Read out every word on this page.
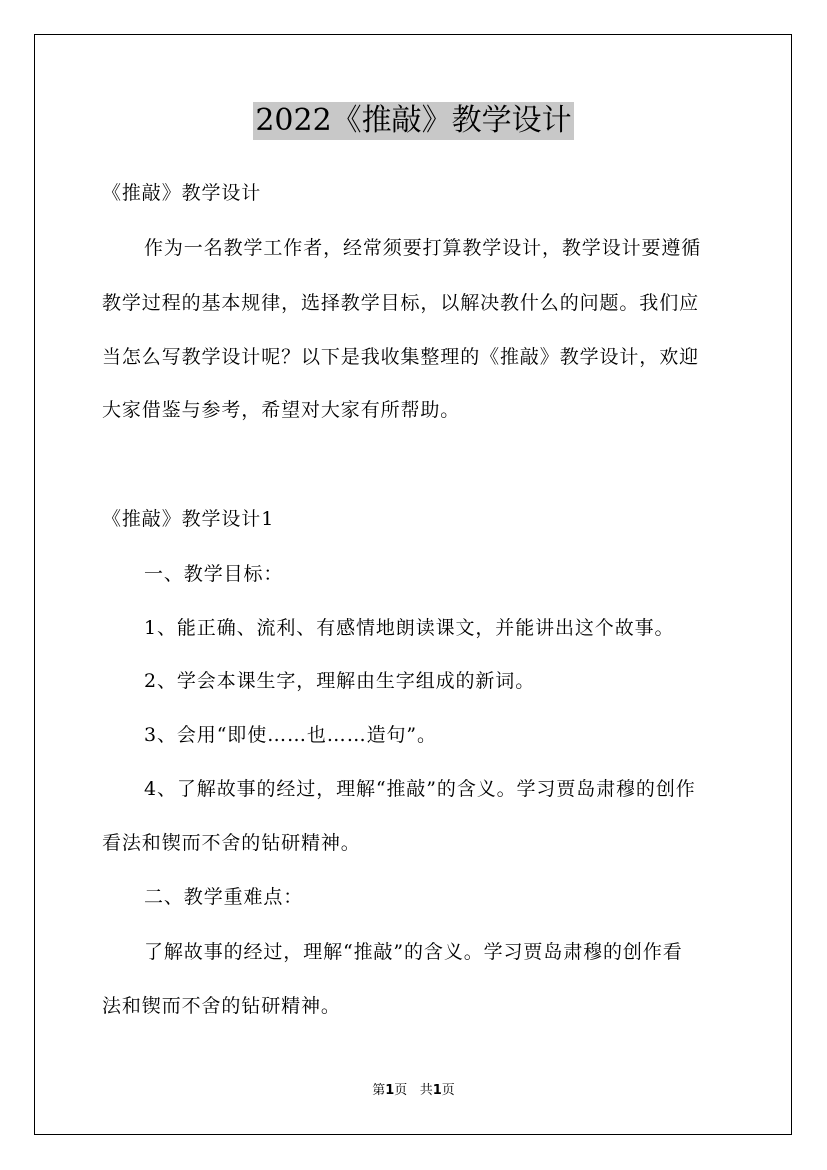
2022《推敲》教学设计
《推敲》教学设计
作为一名教学工作者，经常须要打算教学设计，教学设计要遵循
教学过程的基本规律，选择教学目标，以解决教什么的问题。我们应
当怎么写教学设计呢？以下是我收集整理的《推敲》教学设计，欢迎
大家借鉴与参考，希望对大家有所帮助。
《推敲》教学设计1
一、教学目标：
1、能正确、流利、有感情地朗读课文，并能讲出这个故事。
2、学会本课生字，理解由生字组成的新词。
3、会用“即使……也……造句”。
4、了解故事的经过，理解“推敲”的含义。学习贾岛肃穆的创作
看法和锲而不舍的钻研精神。
二、教学重难点：
了解故事的经过，理解“推敲”的含义。学习贾岛肃穆的创作看
法和锲而不舍的钻研精神。
第1页 共1页
